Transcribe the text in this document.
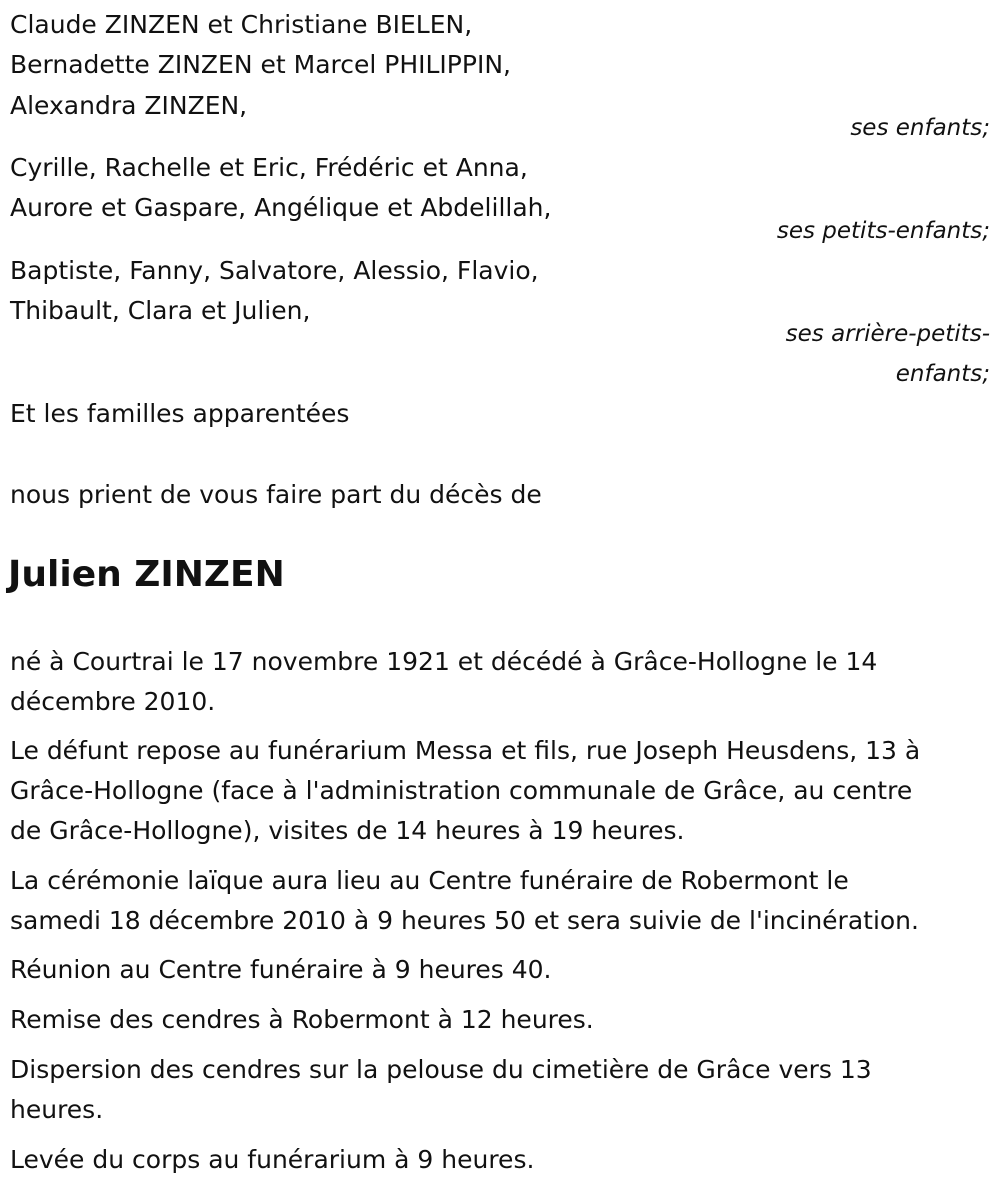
Claude ZINZEN et Christiane BIELEN,
Bernadette ZINZEN et Marcel PHILIPPIN,
Alexandra ZINZEN,
ses enfants;
Cyrille, Rachelle et Eric, Frédéric et Anna,
Aurore et Gaspare, Angélique et Abdelillah,
ses petits-enfants;
Baptiste, Fanny, Salvatore, Alessio, Flavio,
Thibault, Clara et Julien,
ses arrière-petits-
enfants;
Et les familles apparentées
nous prient de vous faire part du décès de
Julien ZINZEN
né à Courtrai le 17 novembre 1921 et décédé à Grâce-Hollogne le 14
décembre 2010.
Le défunt repose au funérarium Messa et fils, rue Joseph Heusdens, 13 à
Grâce-Hollogne (face à l'administration communale de Grâce, au centre
de Grâce-Hollogne), visites de 14 heures à 19 heures.
La cérémonie laïque aura lieu au Centre funéraire de Robermont le
samedi 18 décembre 2010 à 9 heures 50 et sera suivie de l'incinération.
Réunion au Centre funéraire à 9 heures 40.
Remise des cendres à Robermont à 12 heures.
Dispersion des cendres sur la pelouse du cimetière de Grâce vers 13
heures.
Levée du corps au funérarium à 9 heures.
